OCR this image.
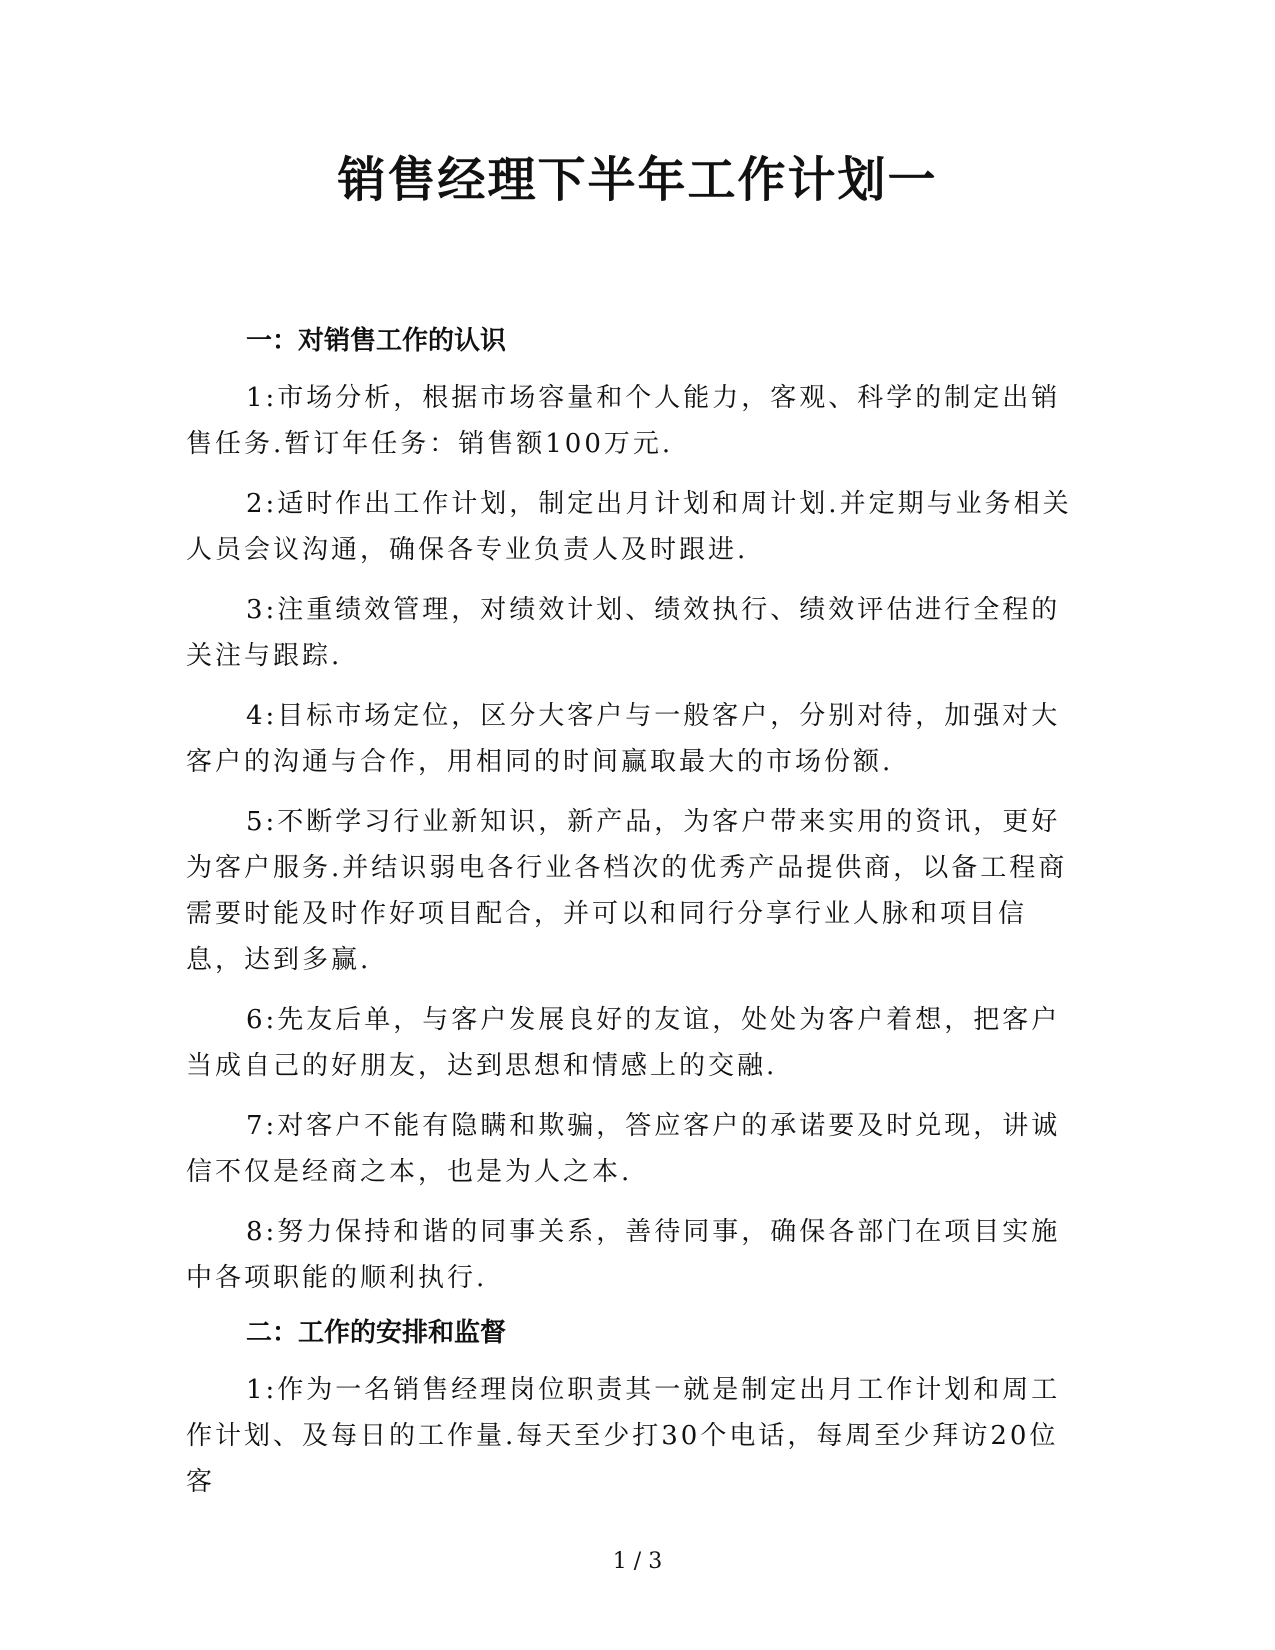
销售经理下半年工作计划一
一：对销售工作的认识

1:市场分析，根据市场容量和个人能力，客观、科学的制定出销售任务.暂订年任务：销售额100万元.

2:适时作出工作计划，制定出月计划和周计划.并定期与业务相关人员会议沟通，确保各专业负责人及时跟进.

3:注重绩效管理，对绩效计划、绩效执行、绩效评估进行全程的关注与跟踪.

4:目标市场定位，区分大客户与一般客户，分别对待，加强对大客户的沟通与合作，用相同的时间赢取最大的市场份额.

5:不断学习行业新知识，新产品，为客户带来实用的资讯，更好为客户服务.并结识弱电各行业各档次的优秀产品提供商，以备工程商需要时能及时作好项目配合，并可以和同行分享行业人脉和项目信息，达到多赢.

6:先友后单，与客户发展良好的友谊，处处为客户着想，把客户当成自己的好朋友，达到思想和情感上的交融.

7:对客户不能有隐瞒和欺骗，答应客户的承诺要及时兑现，讲诚信不仅是经商之本，也是为人之本.

8:努力保持和谐的同事关系，善待同事，确保各部门在项目实施中各项职能的顺利执行.

二：工作的安排和监督

1:作为一名销售经理岗位职责其一就是制定出月工作计划和周工作计划、及每日的工作量.每天至少打30个电话，每周至少拜访20位客

1 / 3
